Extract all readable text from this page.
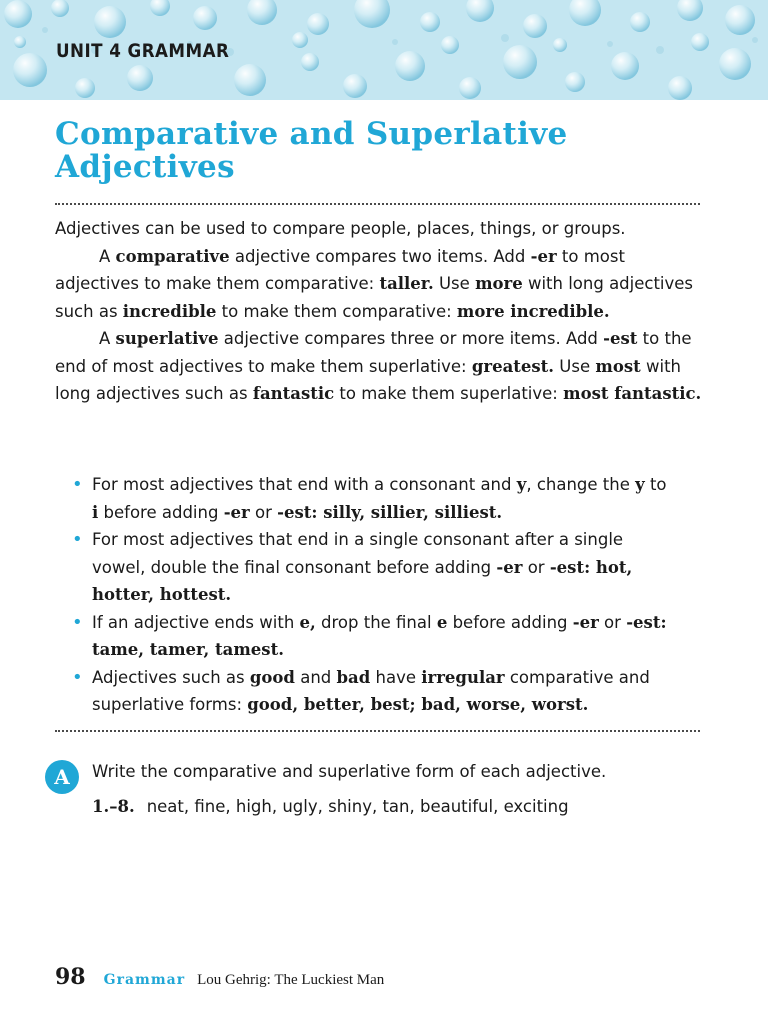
UNIT 4 GRAMMAR
Comparative and Superlative
Adjectives

Adjectives can be used to compare people, places, things, or groups.

A comparative adjective compares two items. Add -er to most adjectives to make them comparative: taller. Use more with long adjectives such as incredible to make them comparative: more incredible.

A superlative adjective compares three or more items. Add -est to the end of most adjectives to make them superlative: greatest. Use most with long adjectives such as fantastic to make them superlative: most fantastic.

• For most adjectives that end with a consonant and y, change the y to i before adding -er or -est: silly, sillier, silliest.
• For most adjectives that end in a single consonant after a single vowel, double the final consonant before adding -er or -est: hot, hotter, hottest.
• If an adjective ends with e, drop the final e before adding -er or -est: tame, tamer, tamest.
• Adjectives such as good and bad have irregular comparative and superlative forms: good, better, best; bad, worse, worst.
A	Write the comparative and superlative form of each adjective.
1.–8. neat, fine, high, ugly, shiny, tan, beautiful, exciting
98 Grammar Lou Gehrig: The Luckiest Man
